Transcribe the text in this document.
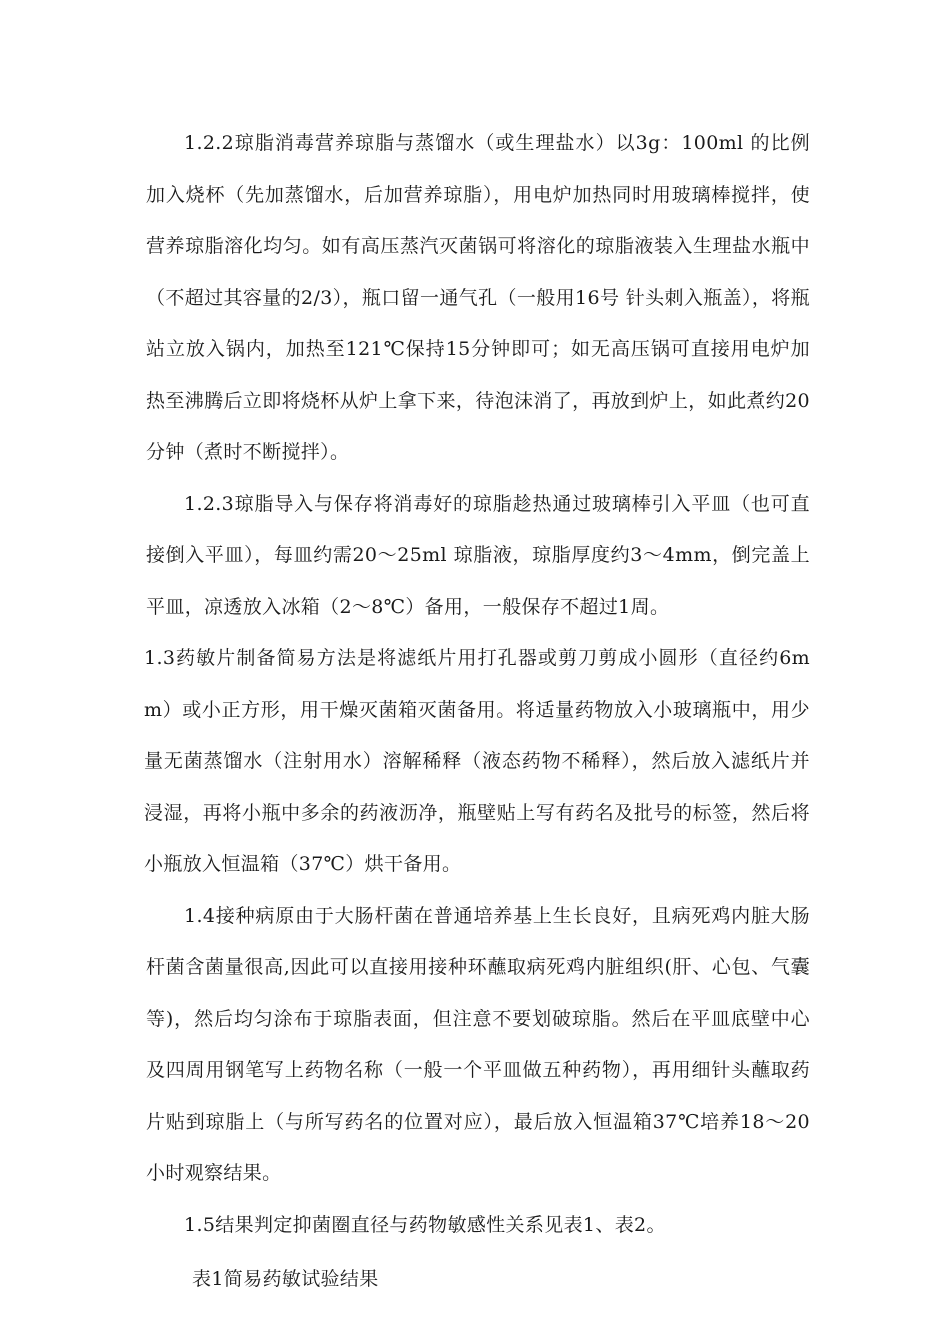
1.2.2琼脂消毒营养琼脂与蒸馏水（或生理盐水）以3g：100ml 的比例加入烧杯（先加蒸馏水，后加营养琼脂），用电炉加热同时用玻璃棒搅拌，使营养琼脂溶化均匀。如有高压蒸汽灭菌锅可将溶化的琼脂液装入生理盐水瓶中（不超过其容量的2/3），瓶口留一通气孔（一般用16号 针头刺入瓶盖），将瓶站立放入锅内，加热至121℃保持15分钟即可；如无高压锅可直接用电炉加热至沸腾后立即将烧杯从炉上拿下来，待泡沫消了，再放到炉上，如此煮约20分钟（煮时不断搅拌）。

1.2.3琼脂导入与保存将消毒好的琼脂趁热通过玻璃棒引入平皿（也可直接倒入平皿），每皿约需20～25ml 琼脂液，琼脂厚度约3～4mm，倒完盖上平皿，凉透放入冰箱（2～8℃）备用，一般保存不超过1周。

1.3药敏片制备简易方法是将滤纸片用打孔器或剪刀剪成小圆形（直径约6mm）或小正方形，用干燥灭菌箱灭菌备用。将适量药物放入小玻璃瓶中，用少量无菌蒸馏水（注射用水）溶解稀释（液态药物不稀释），然后放入滤纸片并浸湿，再将小瓶中多余的药液沥净，瓶壁贴上写有药名及批号的标签，然后将小瓶放入恒温箱（37℃）烘干备用。

1.4接种病原由于大肠杆菌在普通培养基上生长良好，且病死鸡内脏大肠杆菌含菌量很高,因此可以直接用接种环蘸取病死鸡内脏组织(肝、心包、气囊等)，然后均匀涂布于琼脂表面，但注意不要划破琼脂。然后在平皿底壁中心及四周用钢笔写上药物名称（一般一个平皿做五种药物），再用细针头蘸取药片贴到琼脂上（与所写药名的位置对应），最后放入恒温箱37℃培养18～20小时观察结果。

1.5结果判定抑菌圈直径与药物敏感性关系见表1、表2。

表1简易药敏试验结果
